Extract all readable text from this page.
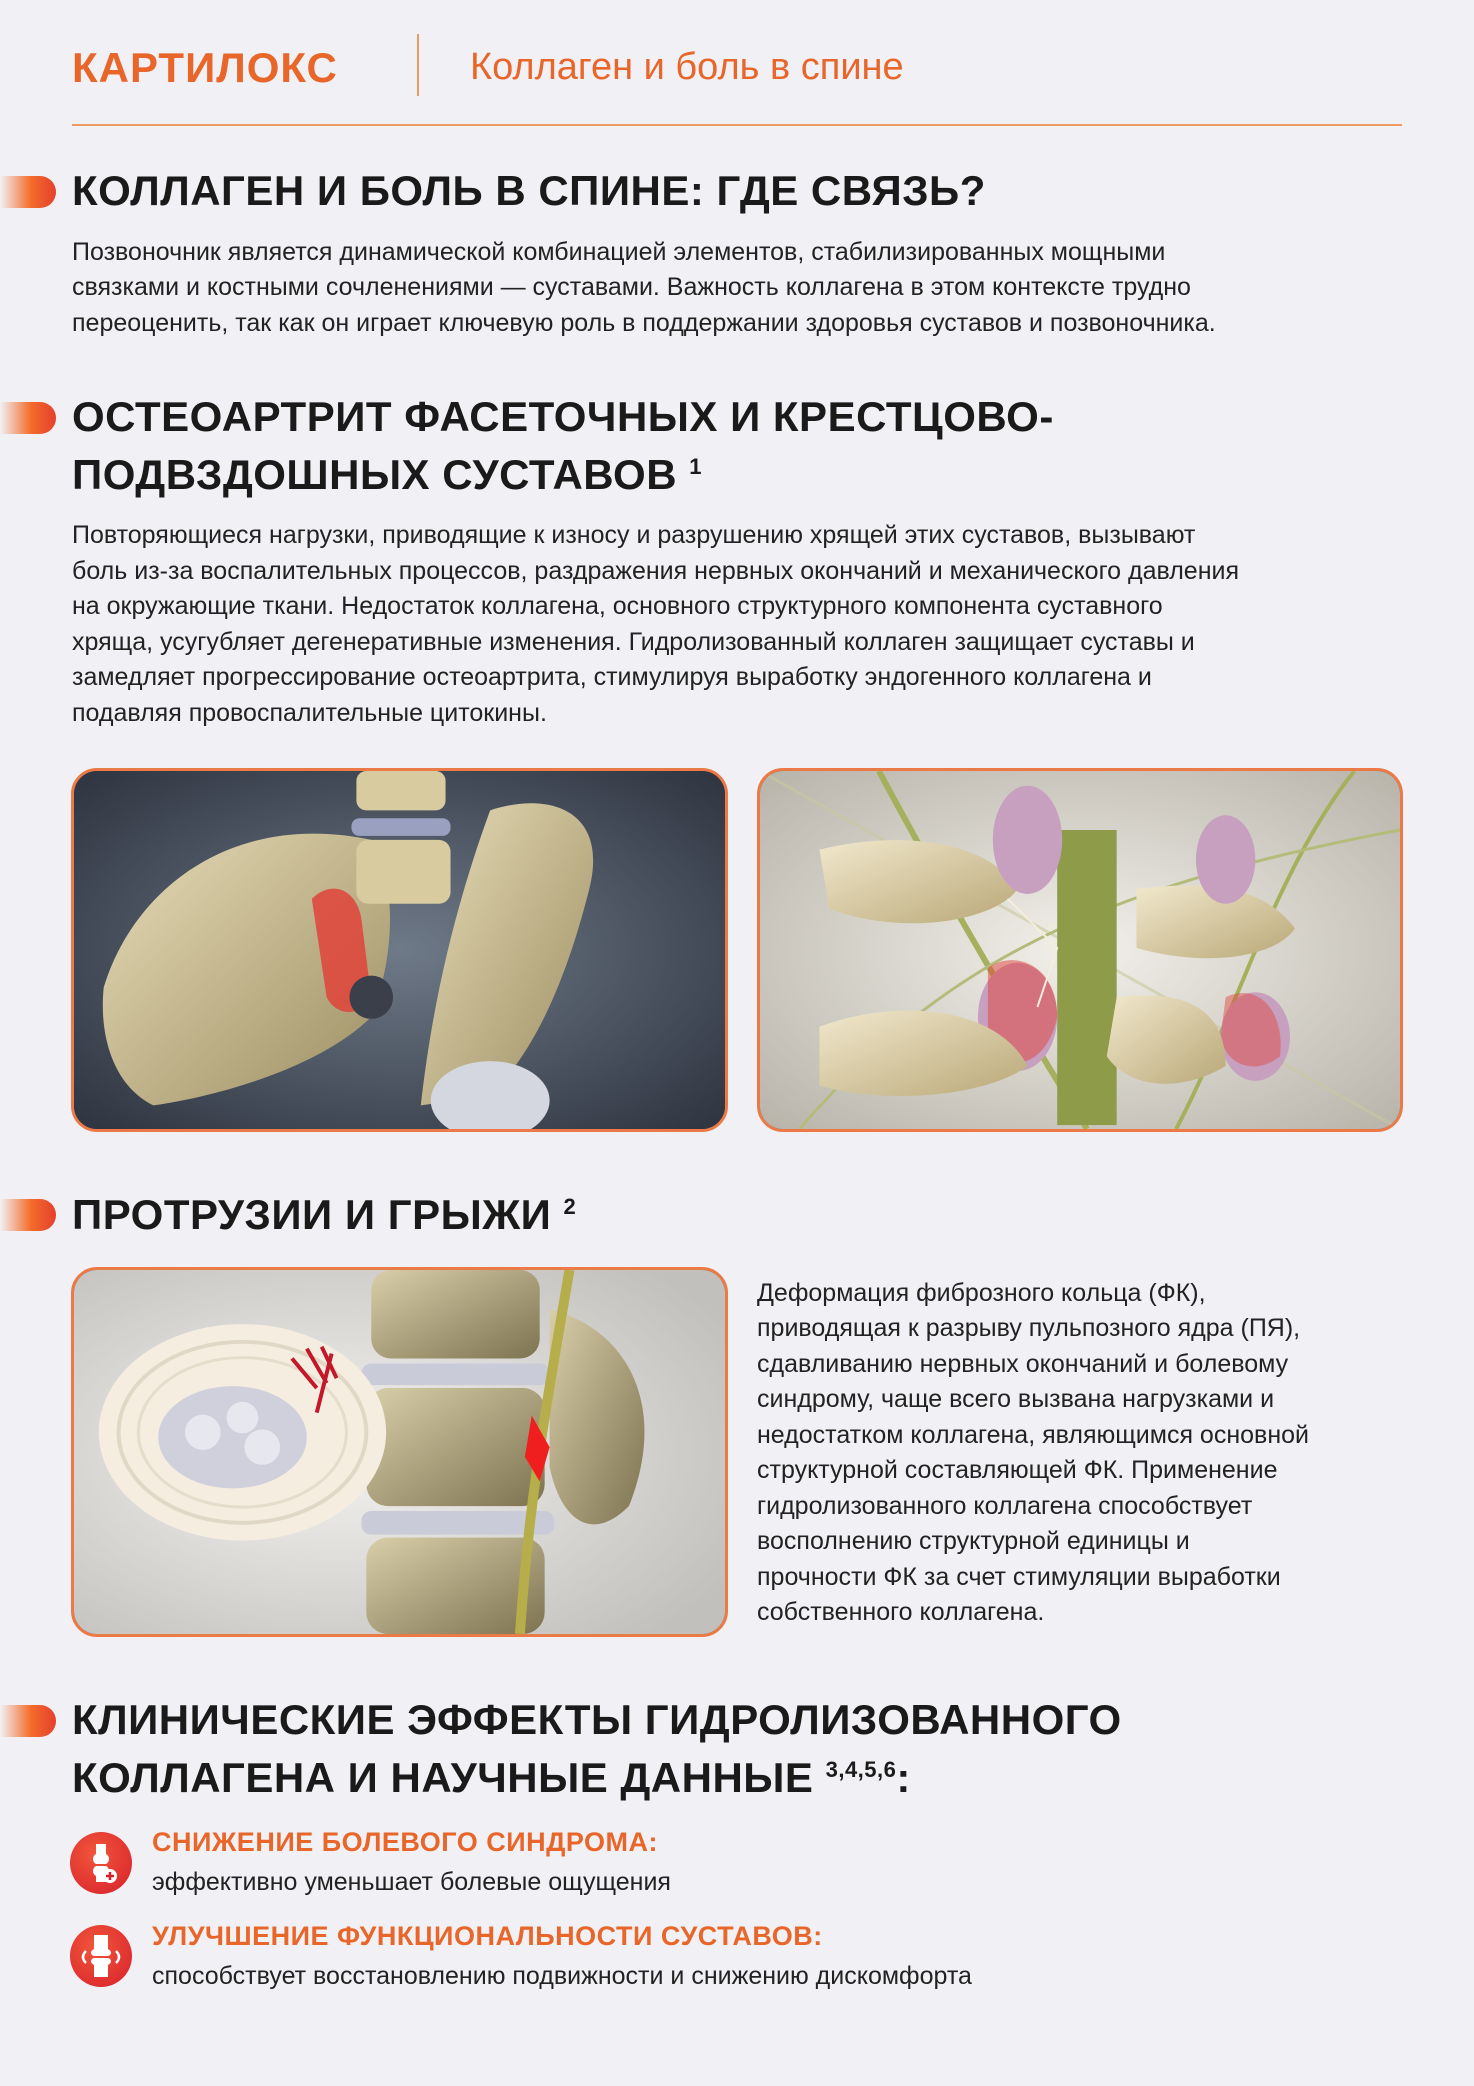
КАРТИЛОКС	Коллаген и боль в спине
КОЛЛАГЕН И БОЛЬ В СПИНЕ: ГДЕ СВЯЗЬ?

Позвоночник является динамической комбинацией элементов, стабилизированных мощными

связками и костными сочленениями — суставами. Важность коллагена в этом контексте трудно

переоценить, так как он играет ключевую роль в поддержании здоровья суставов и позвоночника.

ОСТЕОАРТРИТ ФАСЕТОЧНЫХ И КРЕСТЦОВО-
ПОДВЗДОШНЫХ СУСТАВОВ $^1$

Повторяющиеся нагрузки, приводящие к износу и разрушению хрящей этих суставов, вызывают

боль из-за воспалительных процессов, раздражения нервных окончаний и механического давления

на окружающие ткани. Недостаток коллагена, основного структурного компонента суставного

хряща, усугубляет дегенеративные изменения. Гидролизованный коллаген защищает суставы и

замедляет прогрессирование остеоартрита, стимулируя выработку эндогенного коллагена и

подавляя провоспалительные цитокины.

ПРОТРУЗИИ И ГРЫЖИ $^2$

Деформация фиброзного кольца (ФК),

приводящая к разрыву пульпозного ядра (ПЯ),

сдавливанию нервных окончаний и болевому

синдрому, чаще всего вызвана нагрузками и

недостатком коллагена, являющимся основной

структурной составляющей ФК. Применение

гидролизованного коллагена способствует

восполнению структурной единицы и

прочности ФК за счет стимуляции выработки

собственного коллагена.

КЛИНИЧЕСКИЕ ЭФФЕКТЫ ГИДРОЛИЗОВАННОГО
КОЛЛАГЕНА И НАУЧНЫЕ ДАННЫЕ $^{3,4,5,6}$:

СНИЖЕНИЕ БОЛЕВОГО СИНДРОМА:

эффективно уменьшает болевые ощущения

УЛУЧШЕНИЕ ФУНКЦИОНАЛЬНОСТИ СУСТАВОВ:

способствует восстановлению подвижности и снижению дискомфорта
